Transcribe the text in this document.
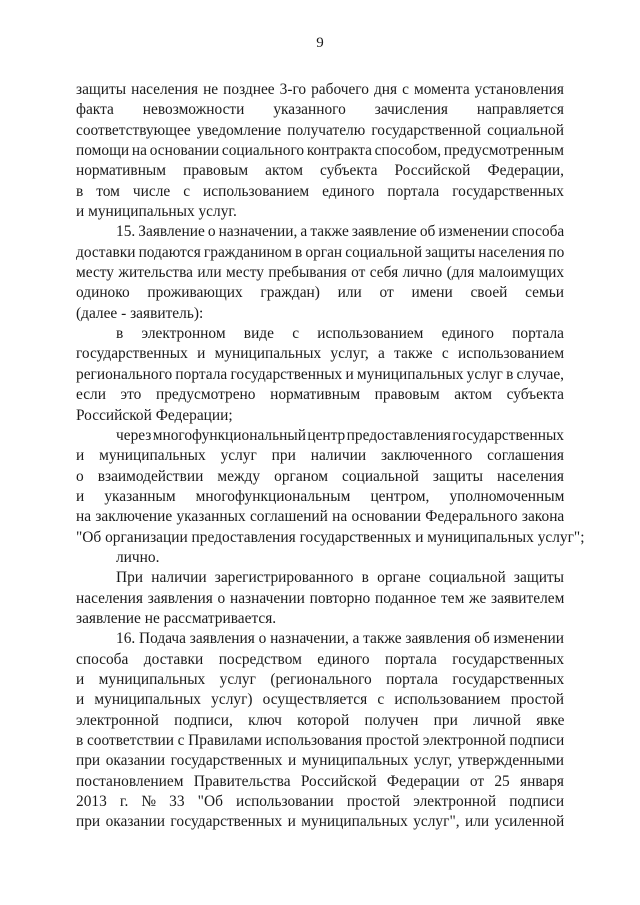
9
защиты населения не позднее 3-го рабочего дня с момента установления
факта невозможности указанного зачисления направляется
соответствующее уведомление получателю государственной социальной
помощи на основании социального контракта способом, предусмотренным
нормативным правовым актом субъекта Российской Федерации,
в том числе с использованием единого портала государственных
и муниципальных услуг.
15. Заявление о назначении, а также заявление об изменении способа
доставки подаются гражданином в орган социальной защиты населения по
месту жительства или месту пребывания от себя лично (для малоимущих
одиноко проживающих граждан) или от имени своей семьи
(далее - заявитель):
в электронном виде с использованием единого портала
государственных и муниципальных услуг, а также с использованием
регионального портала государственных и муниципальных услуг в случае,
если это предусмотрено нормативным правовым актом субъекта
Российской Федерации;
через многофункциональный центр предоставления государственных
и муниципальных услуг при наличии заключенного соглашения
о взаимодействии между органом социальной защиты населения
и указанным многофункциональным центром, уполномоченным
на заключение указанных соглашений на основании Федерального закона
"Об организации предоставления государственных и муниципальных услуг";
лично.
При наличии зарегистрированного в органе социальной защиты
населения заявления о назначении повторно поданное тем же заявителем
заявление не рассматривается.
16. Подача заявления о назначении, а также заявления об изменении
способа доставки посредством единого портала государственных
и муниципальных услуг (регионального портала государственных
и муниципальных услуг) осуществляется с использованием простой
электронной подписи, ключ которой получен при личной явке
в соответствии с Правилами использования простой электронной подписи
при оказании государственных и муниципальных услуг, утвержденными
постановлением Правительства Российской Федерации от 25 января
2013 г. № 33 "Об использовании простой электронной подписи
при оказании государственных и муниципальных услуг", или усиленной
